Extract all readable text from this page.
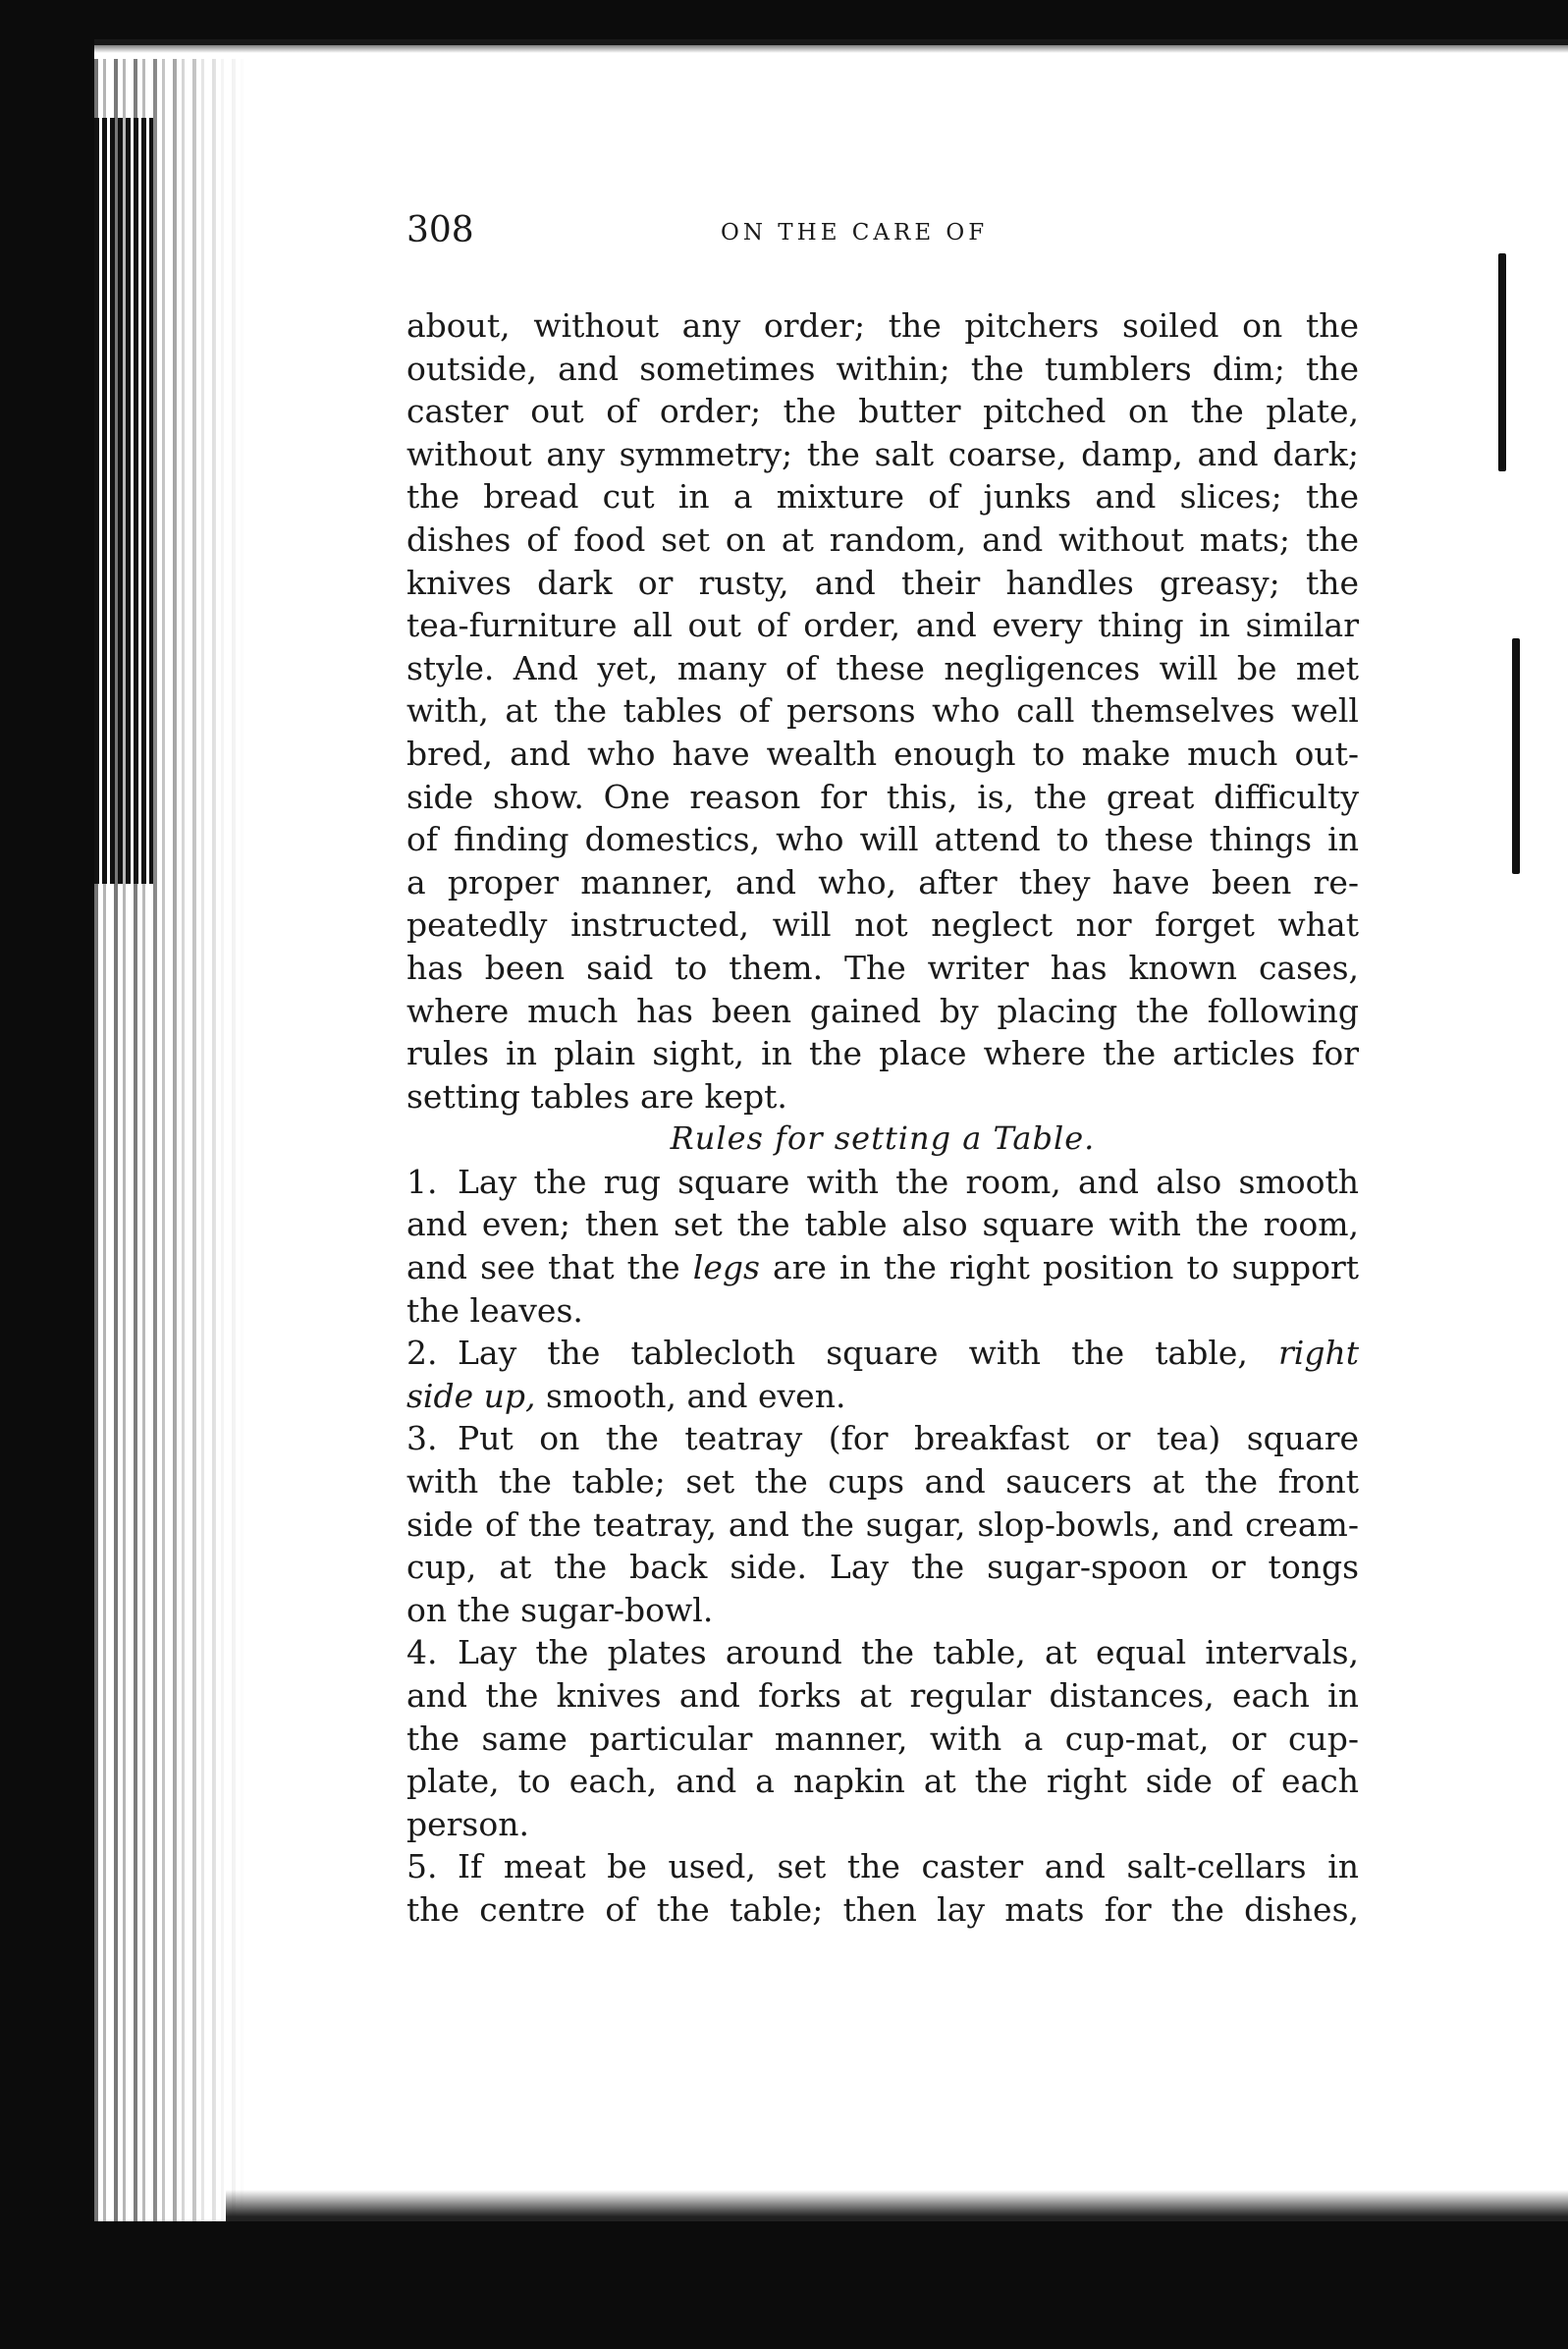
308	ON THE CARE OF

about, without any order; the pitchers soiled on the

outside, and sometimes within; the tumblers dim; the

caster out of order; the butter pitched on the plate,

without any symmetry; the salt coarse, damp, and dark;

the bread cut in a mixture of junks and slices; the

dishes of food set on at random, and without mats; the

knives dark or rusty, and their handles greasy; the

tea-furniture all out of order, and every thing in similar

style. And yet, many of these negligences will be met

with, at the tables of persons who call themselves well

bred, and who have wealth enough to make much out-

side show. One reason for this, is, the great difficulty

of finding domestics, who will attend to these things in

a proper manner, and who, after they have been re-

peatedly instructed, will not neglect nor forget what

has been said to them. The writer has known cases,

where much has been gained by placing the following

rules in plain sight, in the place where the articles for

setting tables are kept.

Rules for setting a Table.

1. Lay the rug square with the room, and also smooth

and even; then set the table also square with the room,

and see that the legs are in the right position to support

the leaves.

2. Lay the tablecloth square with the table, right

side up, smooth, and even.

3. Put on the teatray (for breakfast or tea) square

with the table; set the cups and saucers at the front

side of the teatray, and the sugar, slop-bowls, and cream-

cup, at the back side. Lay the sugar-spoon or tongs

on the sugar-bowl.

4. Lay the plates around the table, at equal intervals,

and the knives and forks at regular distances, each in

the same particular manner, with a cup-mat, or cup-

plate, to each, and a napkin at the right side of each

person.

5. If meat be used, set the caster and salt-cellars in

the centre of the table; then lay mats for the dishes,
